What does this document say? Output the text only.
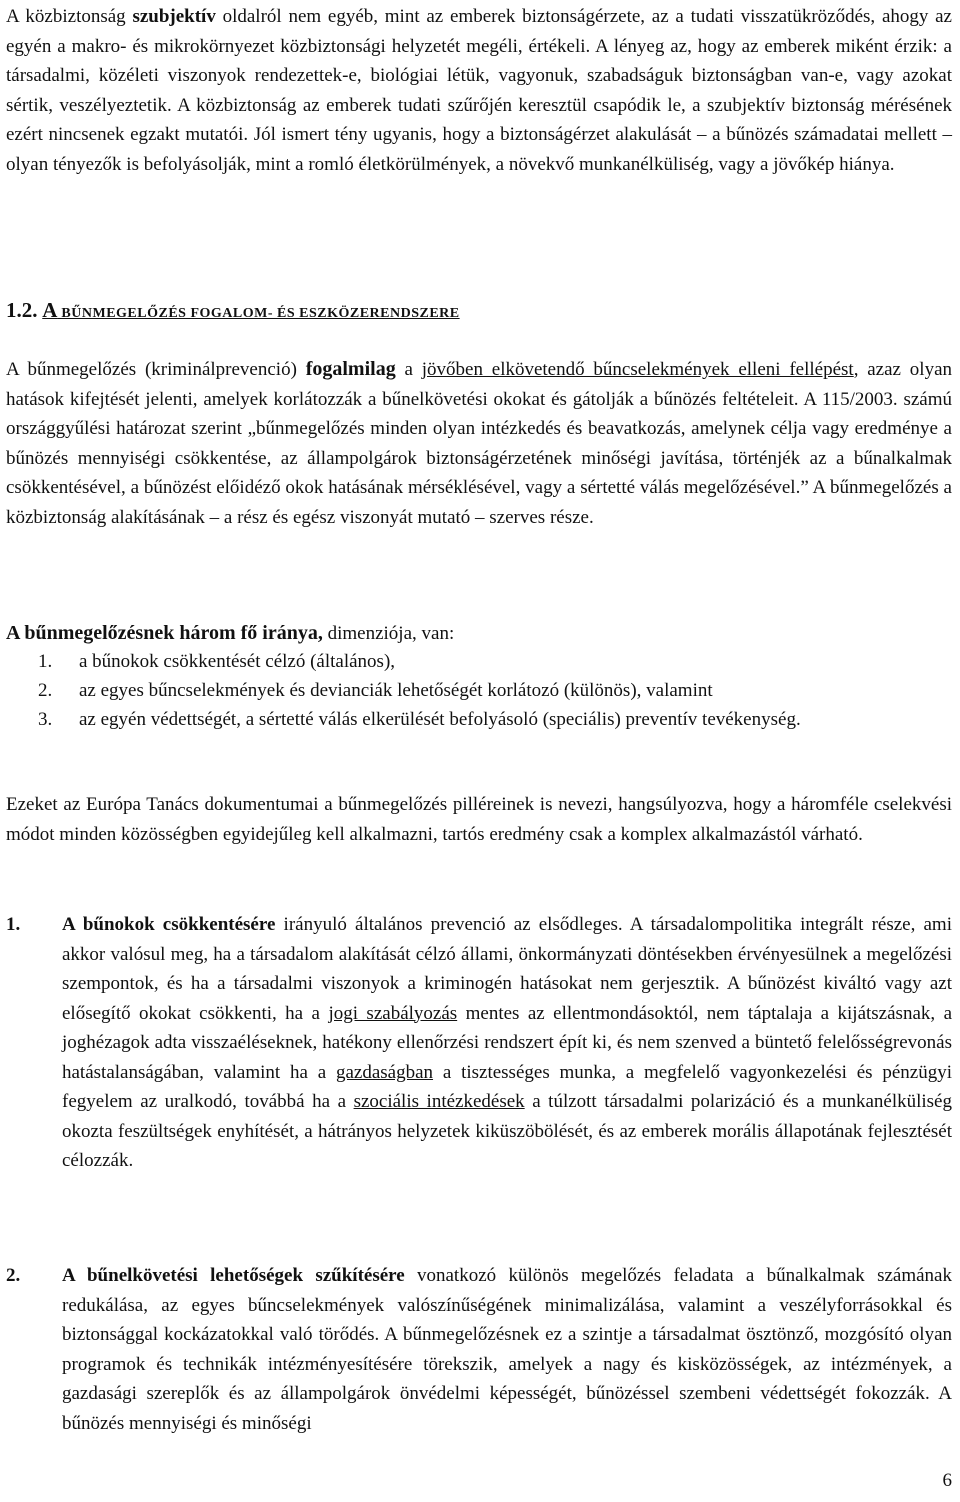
A közbiztonság szubjektív oldalról nem egyéb, mint az emberek biztonságérzete, az a tudati visszatükröződés, ahogy az egyén a makro- és mikrokörnyezet közbiztonsági helyzetét megéli, értékeli. A lényeg az, hogy az emberek miként érzik: a társadalmi, közéleti viszonyok rendezettek-e, biológiai létük, vagyonuk, szabadságuk biztonságban van-e, vagy azokat sértik, veszélyeztetik. A közbiztonság az emberek tudati szűrőjén keresztül csapódik le, a szubjektív biztonság mérésének ezért nincsenek egzakt mutatói. Jól ismert tény ugyanis, hogy a biztonságérzet alakulását – a bűnözés számadatai mellett – olyan tényezők is befolyásolják, mint a romló életkörülmények, a növekvő munkanélküliség, vagy a jövőkép hiánya.

1.2. A BŰNMEGELŐZÉS FOGALOM- ÉS ESZKÖZERENDSZERE

A bűnmegelőzés (kriminálprevenció) fogalmilag a jövőben elkövetendő bűncselekmények elleni fellépést, azaz olyan hatások kifejtését jelenti, amelyek korlátozzák a bűnelkövetési okokat és gátolják a bűnözés feltételeit. A 115/2003. számú országgyűlési határozat szerint „bűnmegelőzés minden olyan intézkedés és beavatkozás, amelynek célja vagy eredménye a bűnözés mennyiségi csökkentése, az állampolgárok biztonságérzetének minőségi javítása, történjék az a bűnalkalmak csökkentésével, a bűnözést előidéző okok hatásának mérséklésével, vagy a sértetté válás megelőzésével.” A bűnmegelőzés a közbiztonság alakításának – a rész és egész viszonyát mutató – szerves része.

A bűnmegelőzésnek három fő iránya, dimenziója, van:

1. a bűnokok csökkentését célzó (általános),
2. az egyes bűncselekmények és devianciák lehetőségét korlátozó (különös), valamint
3. az egyén védettségét, a sértetté válás elkerülését befolyásoló (speciális) preventív tevékenység.

Ezeket az Európa Tanács dokumentumai a bűnmegelőzés pilléreinek is nevezi, hangsúlyozva, hogy a háromféle cselekvési módot minden közösségben egyidejűleg kell alkalmazni, tartós eredmény csak a komplex alkalmazástól várható.

1. A bűnokok csökkentésére irányuló általános prevenció az elsődleges. A társadalompolitika integrált része, ami akkor valósul meg, ha a társadalom alakítását célzó állami, önkormányzati döntésekben érvényesülnek a megelőzési szempontok, és ha a társadalmi viszonyok a kriminogén hatásokat nem gerjesztik. A bűnözést kiváltó vagy azt elősegítő okokat csökkenti, ha a jogi szabályozás mentes az ellentmondásoktól, nem táptalaja a kijátszásnak, a joghézagok adta visszaéléseknek, hatékony ellenőrzési rendszert épít ki, és nem szenved a büntető felelősségrevonás hatástalanságában, valamint ha a gazdaságban a tisztességes munka, a megfelelő vagyonkezelési és pénzügyi fegyelem az uralkodó, továbbá ha a szociális intézkedések a túlzott társadalmi polarizáció és a munkanélküliség okozta feszültségek enyhítését, a hátrányos helyzetek kiküszöbölését, és az emberek morális állapotának fejlesztését célozzák.
2. A bűnelkövetési lehetőségek szűkítésére vonatkozó különös megelőzés feladata a bűnalkalmak számának redukálása, az egyes bűncselekmények valószínűségének minimalizálása, valamint a veszélyforrásokkal és biztonsággal kockázatokkal való törődés. A bűnmegelőzésnek ez a szintje a társadalmat ösztönző, mozgósító olyan programok és technikák intézményesítésére törekszik, amelyek a nagy és kisközösségek, az intézmények, a gazdasági szereplők és az állampolgárok önvédelmi képességét, bűnözéssel szembeni védettségét fokozzák. A bűnözés mennyiségi és minőségi
6
